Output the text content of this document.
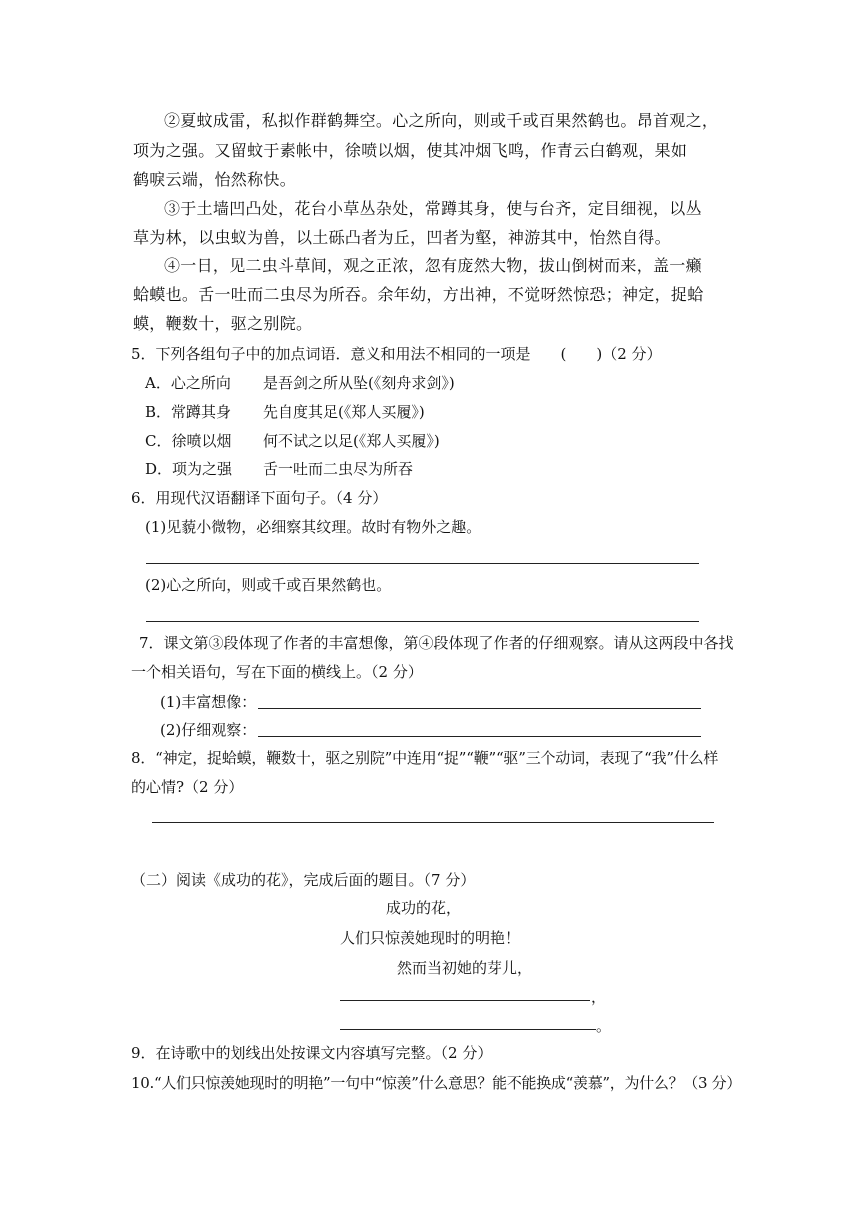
②夏蚊成雷，私拟作群鹤舞空。心之所向，则或千或百果然鹤也。昂首观之，
项为之强。又留蚊于素帐中，徐喷以烟，使其冲烟飞鸣，作青云白鹤观，果如
鹤唳云端，怡然称快。
③于土墙凹凸处，花台小草丛杂处，常蹲其身，使与台齐，定目细视，以丛
草为林，以虫蚁为兽，以土砾凸者为丘，凹者为壑，神游其中，怡然自得。
④一日，见二虫斗草间，观之正浓，忽有庞然大物，拔山倒树而来，盖一癞
蛤蟆也。舌一吐而二虫尽为所吞。余年幼，方出神，不觉呀然惊恐；神定，捉蛤
蟆，鞭数十，驱之别院。
5．下列各组句子中的加点词语．意义和用法不相同的一项是　　(　　)（2 分）
A．心之所向 是吾剑之所从坠(《刻舟求剑》)
B．常蹲其身 先自度其足(《郑人买履》)
C．徐喷以烟 何不试之以足(《郑人买履》)
D．项为之强 舌一吐而二虫尽为所吞
6．用现代汉语翻译下面句子。（4 分）
(1)见藐小微物，必细察其纹理。故时有物外之趣。
(2)心之所向，则或千或百果然鹤也。
7．课文第③段体现了作者的丰富想像，第④段体现了作者的仔细观察。请从这两段中各找
一个相关语句，写在下面的横线上。（2 分）
(1)丰富想像：
(2)仔细观察：
8．“神定，捉蛤蟆，鞭数十，驱之别院”中连用“捉”“鞭”“驱”三个动词，表现了“我”什么样
的心情?（2 分）
（二）阅读《成功的花》，完成后面的题目。（7 分）
成功的花，
人们只惊羡她现时的明艳！
然而当初她的芽儿，
，
。
9．在诗歌中的划线出处按课文内容填写完整。（2 分）
10.“人们只惊羡她现时的明艳”一句中“惊羡”什么意思？能不能换成“羡慕”，为什么？（3 分）
